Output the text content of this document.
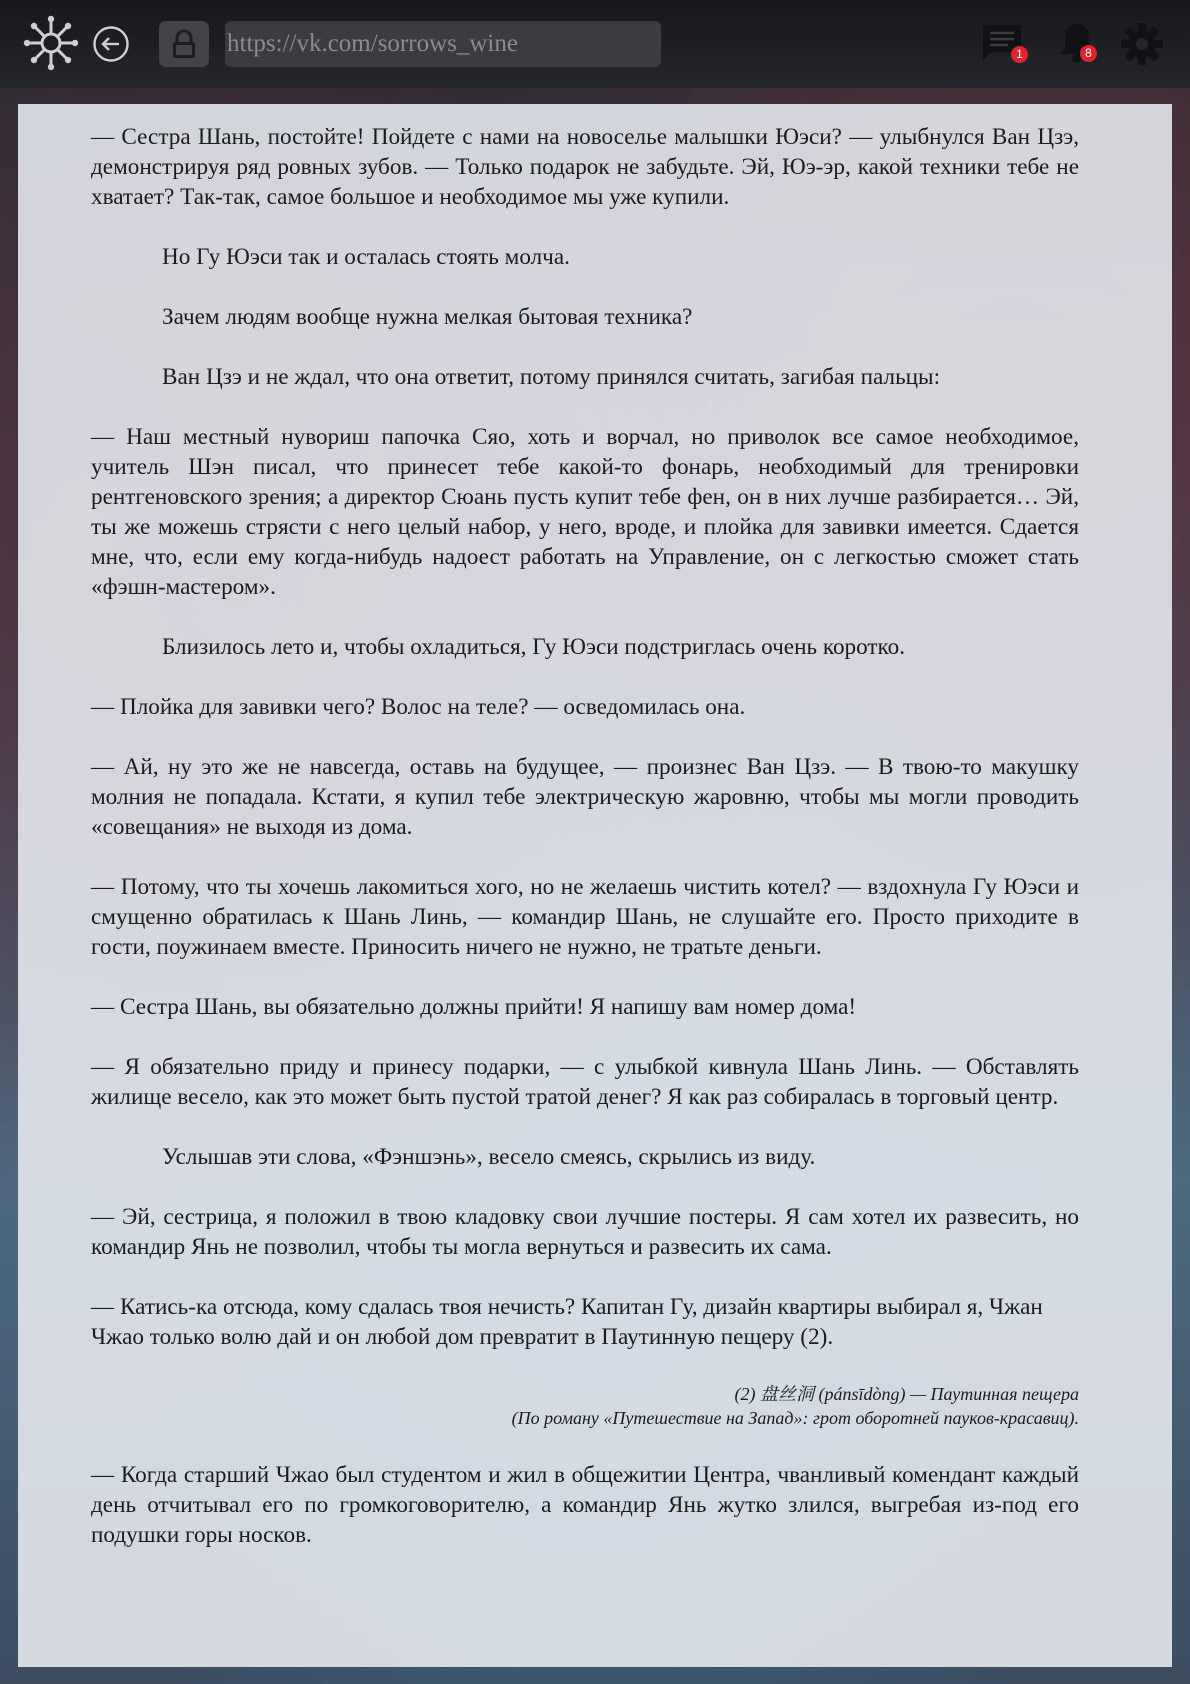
https://vk.com/sorrows_wine
1	8

— Сестра Шань, постойте! Пойдете с нами на новоселье малышки Юэси? — улыбнулся Ван Цзэ, демонстрируя ряд ровных зубов. — Только подарок не забудьте. Эй, Юэ-эр, какой техники тебе не хватает? Так-так, самое большое и необходимое мы уже купили.

Но Гу Юэси так и осталась стоять молча.

Зачем людям вообще нужна мелкая бытовая техника?

Ван Цзэ и не ждал, что она ответит, потому принялся считать, загибая пальцы:

— Наш местный нувориш папочка Сяо, хоть и ворчал, но приволок все самое необходимое, учитель Шэн писал, что принесет тебе какой-то фонарь, необходимый для тренировки рентгеновского зрения; а директор Сюань пусть купит тебе фен, он в них лучше разбирается… Эй, ты же можешь стрясти с него целый набор, у него, вроде, и плойка для завивки имеется. Сдается мне, что, если ему когда-нибудь надоест работать на Управление, он с легкостью сможет стать «фэшн-мастером».

Близилось лето и, чтобы охладиться, Гу Юэси подстриглась очень коротко.

— Плойка для завивки чего? Волос на теле? — осведомилась она.

— Ай, ну это же не навсегда, оставь на будущее, — произнес Ван Цзэ. — В твою-то макушку молния не попадала. Кстати, я купил тебе электрическую жаровню, чтобы мы могли проводить «совещания» не выходя из дома.

— Потому, что ты хочешь лакомиться хого, но не желаешь чистить котел? — вздохнула Гу Юэси и смущенно обратилась к Шань Линь, — командир Шань, не слушайте его. Просто приходите в гости, поужинаем вместе. Приносить ничего не нужно, не тратьте деньги.

— Сестра Шань, вы обязательно должны прийти! Я напишу вам номер дома!

— Я обязательно приду и принесу подарки, — с улыбкой кивнула Шань Линь. — Обставлять жилище весело, как это может быть пустой тратой денег? Я как раз собиралась в торговый центр.

Услышав эти слова, «Фэншэнь», весело смеясь, скрылись из виду.

— Эй, сестрица, я положил в твою кладовку свои лучшие постеры. Я сам хотел их развесить, но командир Янь не позволил, чтобы ты могла вернуться и развесить их сама.

— Катись-ка отсюда, кому сдалась твоя нечисть? Капитан Гу, дизайн квартиры выбирал я, Чжан Чжао только волю дай и он любой дом превратит в Паутинную пещеру (2).

(2) 盘丝洞 (pánsīdòng) — Паутинная пещера
(По роману «Путешествие на Запад»: грот оборотней пауков-красавиц).

— Когда старший Чжао был студентом и жил в общежитии Центра, чванливый комендант каждый день отчитывал его по громкоговорителю, а командир Янь жутко злился, выгребая из-под его подушки горы носков.
